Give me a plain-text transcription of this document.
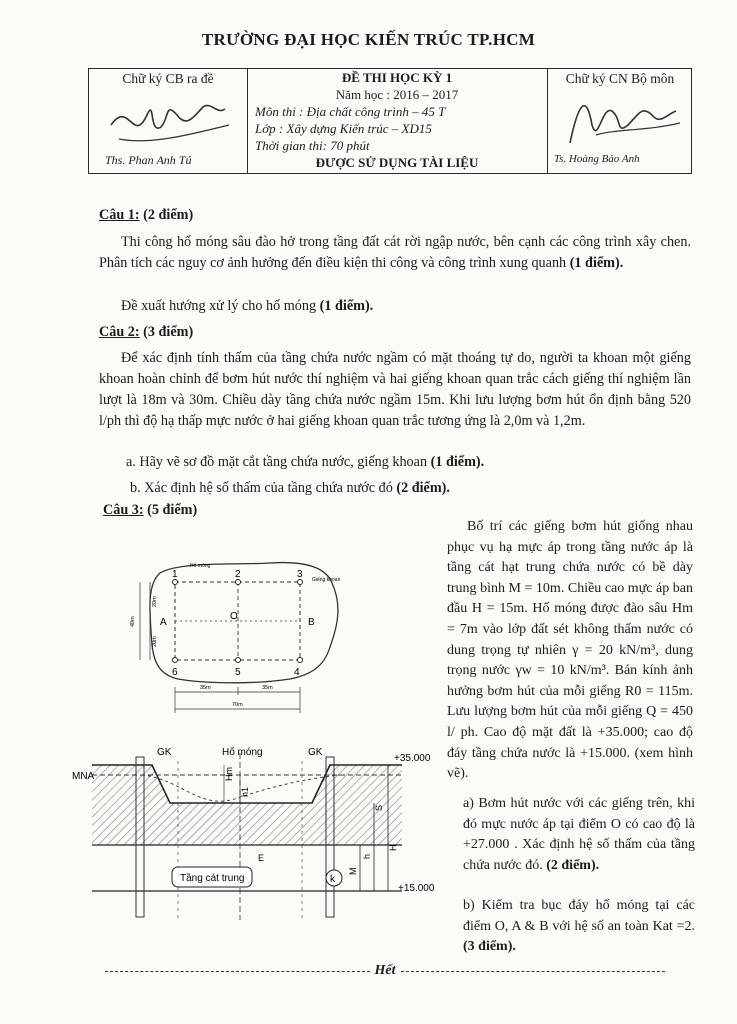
TRƯỜNG ĐẠI HỌC KIẾN TRÚC TP.HCM
Chữ ký CB ra đề
Ths. Phan Anh Tú
ĐỀ THI HỌC KỲ 1
Năm học : 2016 – 2017
Môn thi : Địa chất công trình – 45 T
Lớp : Xây dựng Kiến trúc – XD15
Thời gian thi: 70 phút
ĐƯỢC SỬ DỤNG TÀI LIỆU
Chữ ký CN Bộ môn
Ts. Hoàng Bảo Anh
Câu 1: (2 điểm)
Thi công hố móng sâu đào hở trong tầng đất cát rời ngập nước, bên cạnh các công trình xây chen. Phân tích các nguy cơ ảnh hưởng đến điều kiện thi công và công trình xung quanh (1 điểm).
Đề xuất hướng xử lý cho hố móng (1 điểm).
Câu 2: (3 điểm)
Để xác định tính thấm của tầng chứa nước ngầm có mặt thoáng tự do, người ta khoan một giếng khoan hoàn chỉnh để bơm hút nước thí nghiệm và hai giếng khoan quan trắc cách giếng thí nghiệm lần lượt là 18m và 30m. Chiều dày tầng chứa nước ngầm 15m. Khi lưu lượng bơm hút ổn định bằng 520 l/ph thì độ hạ thấp mực nước ở hai giếng khoan quan trắc tương ứng là 2,0m và 1,2m.
a. Hãy vẽ sơ đồ mặt cắt tầng chứa nước, giếng khoan (1 điểm).
b. Xác định hệ số thấm của tầng chứa nước đó (2 điểm).
Câu 3: (5 điểm)
Bố trí các giếng bơm hút giống nhau phục vụ hạ mực áp trong tầng nước áp là tầng cát hạt trung chứa nước có bề dày trung bình M = 10m. Chiều cao mực áp ban đầu H = 15m. Hố móng được đào sâu Hm = 7m vào lớp đất sét không thấm nước có dung trọng tự nhiên γ = 20 kN/m³, dung trọng nước γw = 10 kN/m³. Bán kính ảnh hưởng bơm hút của mỗi giếng R0 = 115m. Lưu lượng bơm hút của mỗi giếng Q = 450 l/ ph. Cao độ mặt đất là +35.000; cao độ đáy tầng chứa nước là +15.000. (xem hình vẽ).
a) Bơm hút nước với các giếng trên, khi đó mực nước áp tại điểm O có cao độ là +27.000 . Xác định hệ số thấm của tầng chứa nước đó. (2 điểm).
b) Kiểm tra bục đáy hố móng tại các điểm O, A & B với hệ số an toàn Kat =2. (3 điểm).
Hố móng
Giếng khoan
1	2	3
6	5	4
A
O
B
40m
20m
20m
35m	35m
70m
Tầng cát trung	k
GK	Hố móng	GK
+35.000
+15.000
MNA	Hm
h1
E
S
H
h
M
Hết
